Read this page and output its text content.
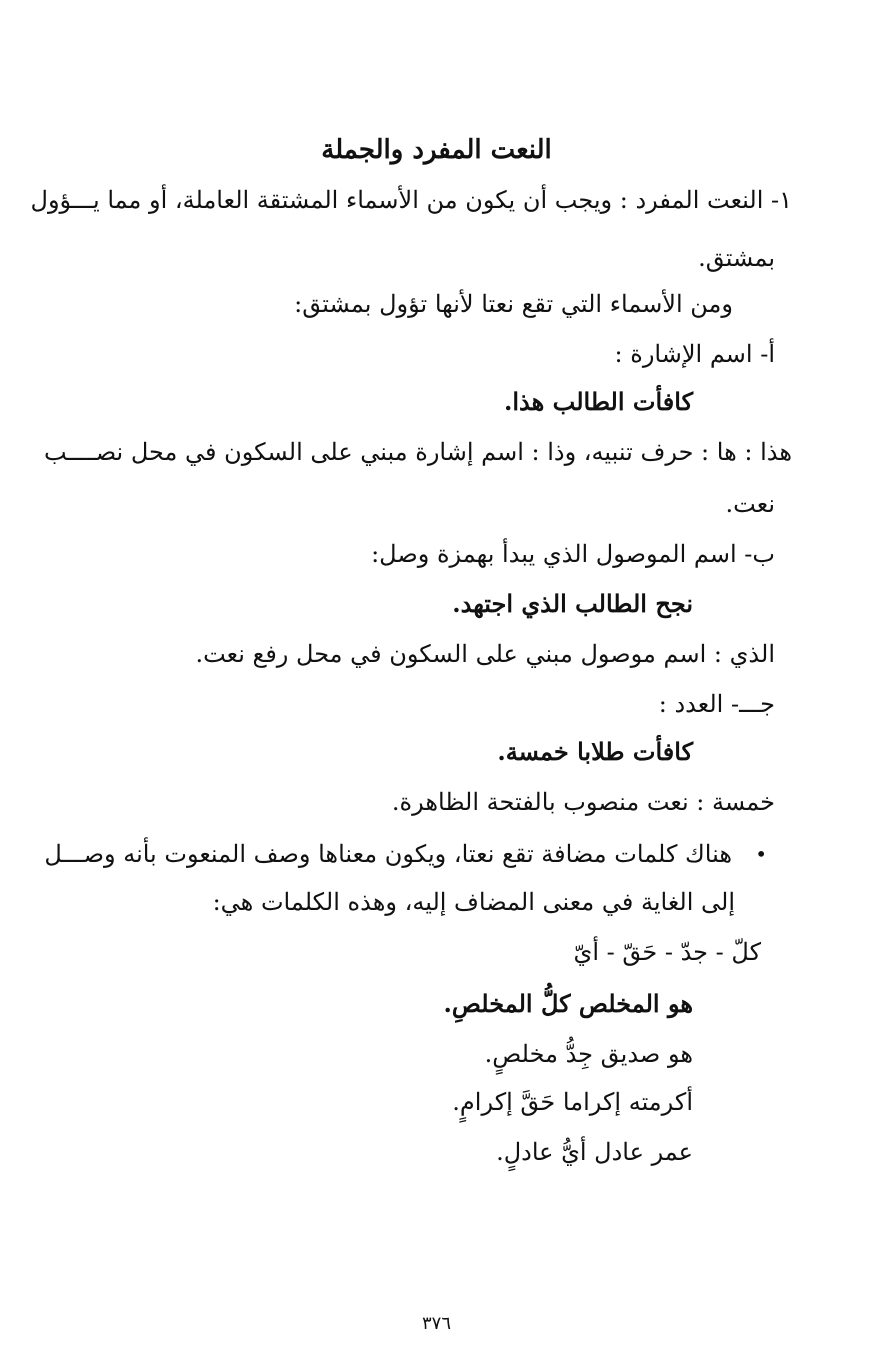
النعت المفرد والجملة
١- النعت المفرد : ويجب أن يكون من الأسماء المشتقة العاملة، أو مما يـــؤول
بمشتق.
ومن الأسماء التي تقع نعتا لأنها تؤول بمشتق:
أ- اسم الإشارة :
كافأت الطالب هذا.
هذا : ها : حرف تنبيه، وذا : اسم إشارة مبني على السكون في محل نصــــب
نعت.
ب- اسم الموصول الذي يبدأ بهمزة وصل:
نجح الطالب الذي اجتهد.
الذي : اسم موصول مبني على السكون في محل رفع نعت.
جـــ- العدد :
كافأت طلابا خمسة.
خمسة : نعت منصوب بالفتحة الظاهرة.
•
هناك كلمات مضافة تقع نعتا، ويكون معناها وصف المنعوت بأنه وصـــل
إلى الغاية في معنى المضاف إليه، وهذه الكلمات هي:
كلّ - جدّ - حَقّ - أيّ
هو المخلص كلُّ المخلصِ.
هو صديق جِدُّ مخلصٍ.
أكرمته إكراما حَقَّ إكرامٍ.
عمر عادل أيُّ عادلٍ.
٣٧٦
